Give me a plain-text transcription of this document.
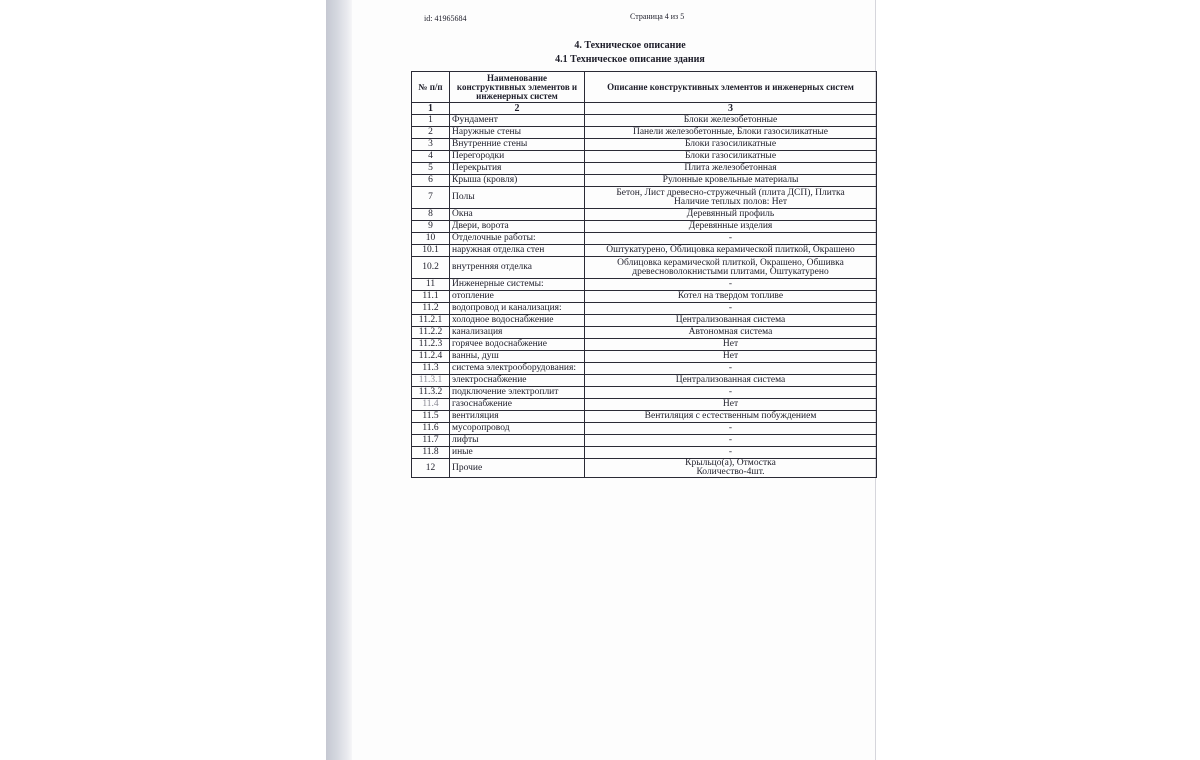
id: 41965684	Страница 4 из 5
4. Техническое описание
4.1 Техническое описание здания
№ п/п	Наименование конструктивных элементов и инженерных систем	Описание конструктивных элементов и инженерных систем
1	2	3
1	Фундамент	Блоки железобетонные
2	Наружные стены	Панели железобетонные, Блоки газосиликатные
3	Внутренние стены	Блоки газосиликатные
4	Перегородки	Блоки газосиликатные
5	Перекрытия	Плита железобетонная
6	Крыша (кровля)	Рулонные кровельные материалы
7	Полы	Бетон, Лист древесно-стружечный (плита ДСП), Плитка
Наличие теплых полов: Нет

8	Окна	Деревянный профиль
9	Двери, ворота	Деревянные изделия
10	Отделочные работы:	-
10.1	наружная отделка стен	Оштукатурено, Облицовка керамической плиткой, Окрашено
10.2	внутренняя отделка	Облицовка керамической плиткой, Окрашено, Обшивка
древесноволокнистыми плитами, Оштукатурено

11	Инженерные системы:	-
11.1	отопление	Котел на твердом топливе
11.2	водопровод и канализация:	-
11.2.1	холодное водоснабжение	Централизованная система
11.2.2	канализация	Автономная система
11.2.3	горячее водоснабжение	Нет
11.2.4	ванны, душ	Нет
11.3	система электрооборудования:	-
11.3.1	электроснабжение	Централизованная система
11.3.2	подключение электроплит	-
11.4	газоснабжение	Нет
11.5	вентиляция	Вентиляция с естественным побуждением
11.6	мусоропровод	-
11.7	лифты	-
11.8	иные	-
12	Прочие	Крыльцо(а), Отмостка
Количество-4шт.
